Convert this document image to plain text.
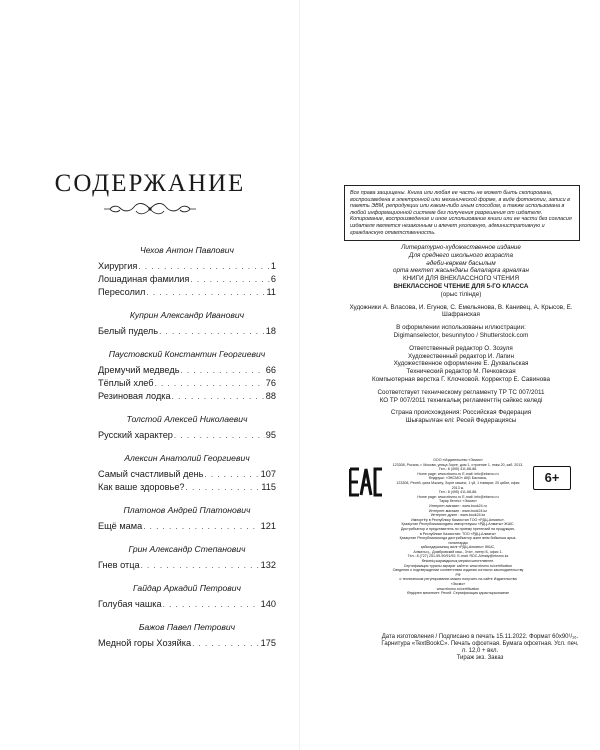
СОДЕРЖАНИЕ
Чехов Антон Павлович
Хирургия . . .	1
Лошадиная фамилия . . .	6
Пересолил . . .	11
Куприн Александр Иванович
Белый пудель . . .	18
Паустовский Константин Георгиевич
Дремучий медведь . . .	66
Тёплый хлеб . . .	76
Резиновая лодка . . .	88
Толстой Алексей Николаевич
Русский характер . . .	95
Алексин Анатолий Георгиевич
Самый счастливый день . . .	107
Как ваше здоровье? . . .	115
Платонов Андрей Платонович
Ещё мама . . .	121
Грин Александр Степанович
Гнев отца . . .	132
Гайдар Аркадий Петрович
Голубая чашка . . .	140
Бажов Павел Петрович
Медной горы Хозяйка . . .	175
Все права защищены. Книга или любая ее часть не может быть скопирована, воспроизведена в электронной или механической форме, в виде фотокопии, записи в память ЭВМ, репродукции или каким-либо иным способом, а также использована в любой информационной системе без получения разрешения от издателя. Копирование, воспроизведение и иное использование книги или ее части без согласия издателя является незаконным и влечет уголовную, административную и гражданскую ответственность.
Литературно-художественное издание
Для среднего школьного возраста
әдеби-көркем басылым
орта мектеп жасындағы балаларға арналған
КНИГИ ДЛЯ ВНЕКЛАССНОГО ЧТЕНИЯ
ВНЕКЛАССНОЕ ЧТЕНИЕ ДЛЯ 5-ГО КЛАССА
(орыс тілінде)
Художники А. Власова, И. Егунов, С. Емельянова, В. Канивец, А. Крысов, Е. Шафранская
В оформлении использованы иллюстрации:
Digimanselector, besunnytoo / Shutterstock.com
Ответственный редактор О. Зозуля
Художественный редактор И. Лапин
Художественное оформление Е. Духвальская
Технический редактор М. Печковская
Компьютерная верстка Г. Клочковой. Корректор Е. Савинова
Соответствует техническому регламенту ТР ТС 007/2011
КО ТР 007/2011 техникалық регламенттің сәйкес келеді
Страна происхождения: Российская Федерация
Шығарылған елі: Ресей Федерациясы
ООО «Издательство «Эксмо»
123308, Россия, г. Москва, улица Зорге, дом 1, строение 1, этаж 20, каб. 2013.
Тел.: 8 (495) 411-68-86.
Home page: www.eksmo.ru E-mail: info@eksmo.ru
Өндіруші: «ЭКСМО» АҚБ Баспасы,
123308, Ресей, қала Мәскеу, Зорге көшесі, 1 үй, 1 ғимарат, 20 қабат, офис 2013 ж.
Тел.: 8 (495) 411-68-86.
Home page: www.eksmo.ru E-mail: info@eksmo.ru
Тауар белгісі: «Эксмо»
Интернет-магазин : www.book24.ru
Интернет-магазин : www.book24.kz
Интернет-дүкен : www.book24.kz
Импортёр в Республику Казахстан ТОО «РДЦ-Алматы».
Қазақстан Республикасындағы импорттаушы «РДЦ-Алматы» ЖШС.
Дистрибьютор и представитель по приему претензий на продукцию,
в Республике Казахстан: ТОО «РДЦ-Алматы»
Қазақстан Республикасында дистрибьютор және өнім бойынша арыз-талаптарды
қабылдаушының өкілі «РДЦ-Алматы» ЖШС,
Алматы қ., Домбровский көш., 3«а», литер Б, офис 1.
Тел.: 8 (727) 251-59-90/91/92; E-mail: RDC-Almaty@eksmo.kz
Өнімнің жарамдылық мерзімі шектелмеген.
Сертификация туралы ақпарат сайтта: www.eksmo.ru/certification
Сведения о подтверждении соответствия издания согласно законодательству РФ
о техническом регулировании можно получить на сайте Издательства «Эксмо»
www.eksmo.ru/certification
Өндірген мемлекет: Ресей. Сертификация қарастырылмаған
6+
Дата изготовления / Подписано в печать 15.11.2022. Формат 60x90¹/₁₆.
Гарнитура «TextBookC». Печать офсетная. Бумага офсетная. Усл. печ. л. 12,0 + вкл.
Тираж экз. Заказ
